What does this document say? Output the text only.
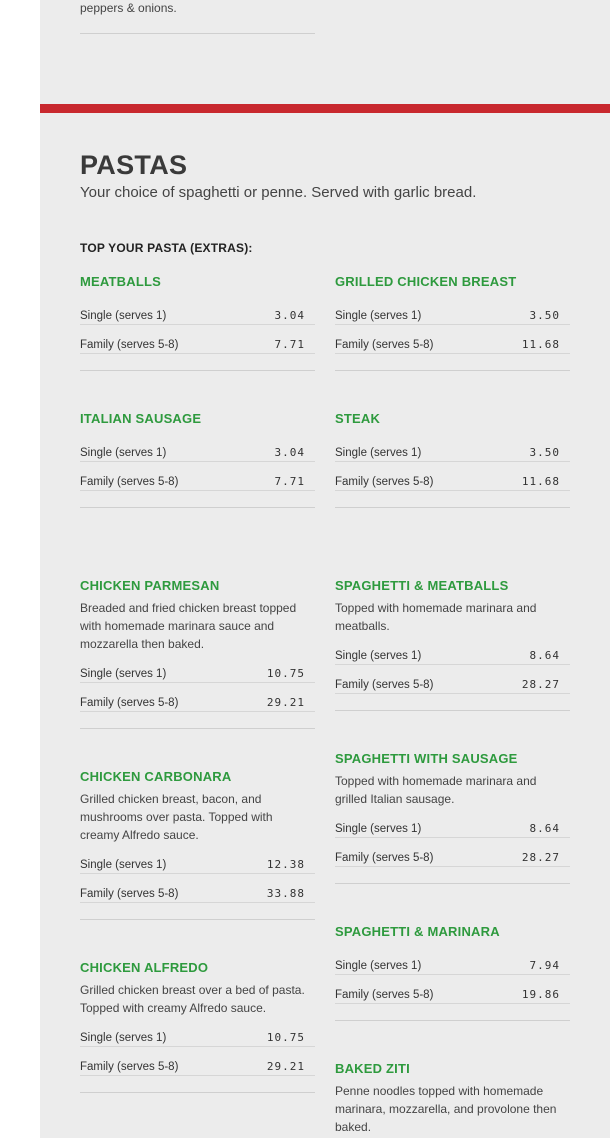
peppers & onions.
PASTAS
Your choice of spaghetti or penne. Served with garlic bread.
TOP YOUR PASTA (EXTRAS):
MEATBALLS
Single (serves 1)	3.04
Family (serves 5-8)	7.71
GRILLED CHICKEN BREAST
Single (serves 1)	3.50
Family (serves 5-8)	11.68
ITALIAN SAUSAGE
Single (serves 1)	3.04
Family (serves 5-8)	7.71
STEAK
Single (serves 1)	3.50
Family (serves 5-8)	11.68
CHICKEN PARMESAN
Breaded and fried chicken breast topped with homemade marinara sauce and mozzarella then baked.
Single (serves 1)	10.75
Family (serves 5-8)	29.21
CHICKEN CARBONARA
Grilled chicken breast, bacon, and mushrooms over pasta. Topped with creamy Alfredo sauce.
Single (serves 1)	12.38
Family (serves 5-8)	33.88
CHICKEN ALFREDO
Grilled chicken breast over a bed of pasta. Topped with creamy Alfredo sauce.
Single (serves 1)	10.75
Family (serves 5-8)	29.21
SPAGHETTI & MEATBALLS
Topped with homemade marinara and meatballs.
Single (serves 1)	8.64
Family (serves 5-8)	28.27
SPAGHETTI WITH SAUSAGE
Topped with homemade marinara and grilled Italian sausage.
Single (serves 1)	8.64
Family (serves 5-8)	28.27
SPAGHETTI & MARINARA
Single (serves 1)	7.94
Family (serves 5-8)	19.86
BAKED ZITI
Penne noodles topped with homemade marinara, mozzarella, and provolone then baked.
